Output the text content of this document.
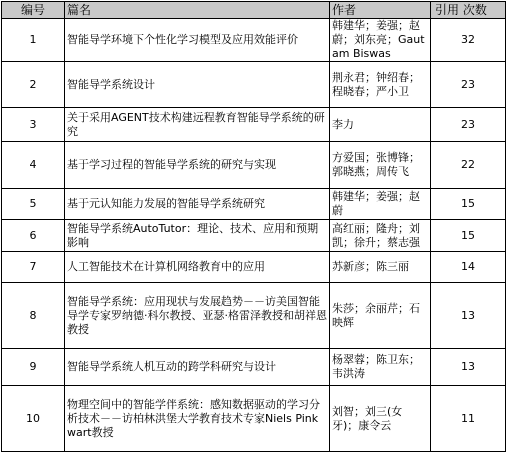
编号	篇名	作者	引用 次数
1	智能导学环境下个性化学习模型及应用效能评价	韩建华；姜强；赵蔚；刘东亮；Gautam Biswas	32
2	智能导学系统设计	荆永君；钟绍春；程晓春；严小卫	23
3	关于采用AGENT技术构建远程教育智能导学系统的研究	李力	23
4	基于学习过程的智能导学系统的研究与实现	方爱国；张博锋；郭晓燕；周传飞	22
5	基于元认知能力发展的智能导学系统研究	韩建华；姜强；赵蔚	15
6	智能导学系统AutoTutor：理论、技术、应用和预期影响	高红丽；隆舟；刘凯；徐升；蔡志强	15
7	人工智能技术在计算机网络教育中的应用	苏新彦；陈三丽	14
8	智能导学系统：应用现状与发展趋势－－访美国智能导学专家罗纳德·科尔教授、亚瑟·格雷泽教授和胡祥恩教授	朱莎；余丽芹；石映辉	13
9	智能导学系统人机互动的跨学科研究与设计	杨翠蓉；陈卫东；韦洪涛	13
10	物理空间中的智能学伴系统：感知数据驱动的学习分析技术－－访柏林洪堡大学教育技术专家Niels Pinkwart教授	刘智；刘三(女牙)；康令云	11
